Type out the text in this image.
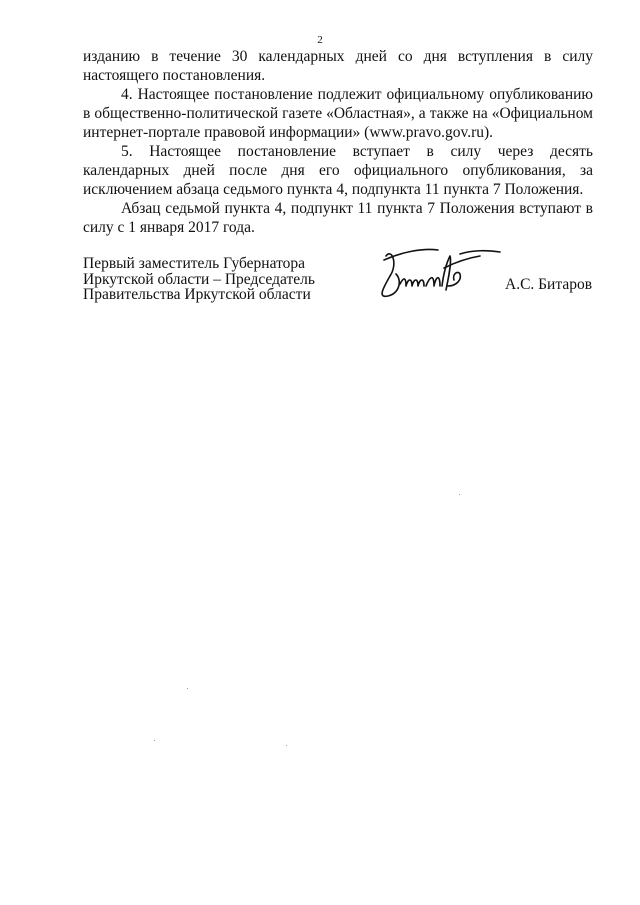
2

изданию в течение 30 календарных дней со дня вступления в силу настоящего постановления.

4. Настоящее постановление подлежит официальному опубликованию в общественно-политической газете «Областная», а также на «Официальном интернет-портале правовой информации» (www.pravo.gov.ru).

5. Настоящее постановление вступает в силу через десять календарных дней после дня его официального опубликования, за исключением абзаца седьмого пункта 4, подпункта 11 пункта 7 Положения.

Абзац седьмой пункта 4, подпункт 11 пункта 7 Положения вступают в силу с 1 января 2017 года.

Первый заместитель Губернатора
Иркутской области – Председатель
Правительства Иркутской области
А.С. Битаров
